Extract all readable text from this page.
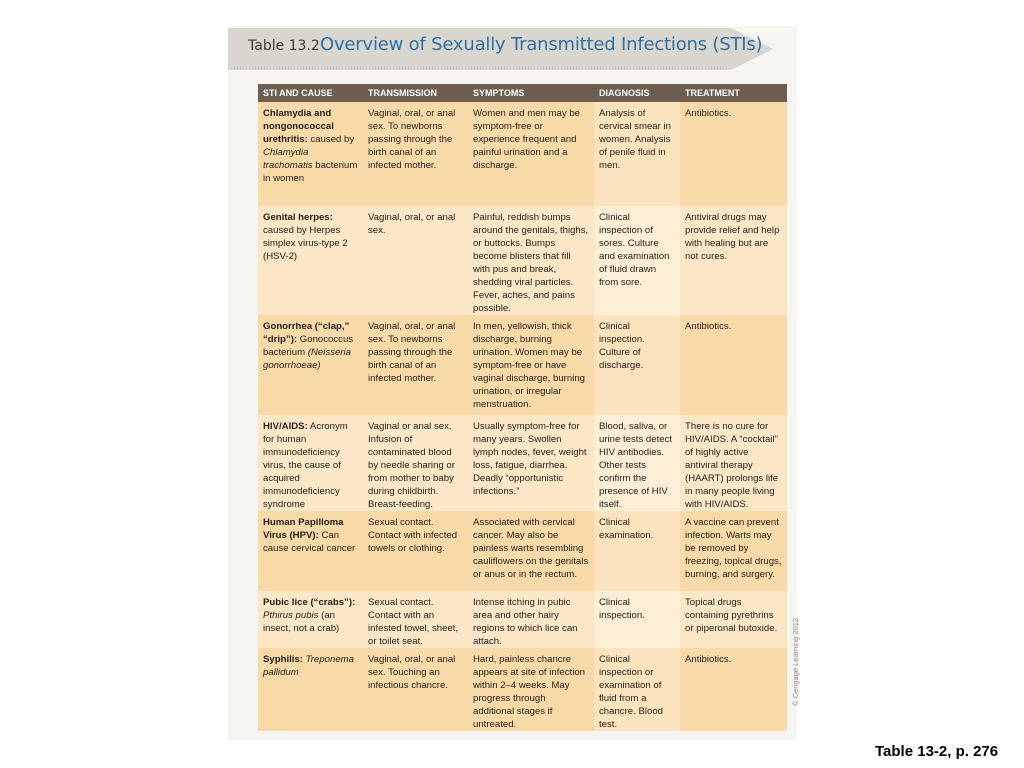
Table 13.2 Overview of Sexually Transmitted Infections (STIs)
STI AND CAUSE	TRANSMISSION	SYMPTOMS	DIAGNOSIS	TREATMENT
Chlamydia and nongonococcal urethritis: caused by Chlamydia trachomatis bacterium in women	Vaginal, oral, or anal sex. To newborns passing through the birth canal of an infected mother.	Women and men may be symptom-free or experience frequent and painful urination and a discharge.	Analysis of cervical smear in women. Analysis of penile fluid in men.	Antibiotics.
Genital herpes: caused by Herpes simplex virus-type 2 (HSV-2)	Vaginal, oral, or anal sex.	Painful, reddish bumps around the genitals, thighs, or buttocks. Bumps become blisters that fill with pus and break, shedding viral particles. Fever, aches, and pains possible.	Clinical inspection of sores. Culture and examination of fluid drawn from sore.	Antiviral drugs may provide relief and help with healing but are not cures.
Gonorrhea (“clap,” “drip”): Gonococcus bacterium (Neisseria gonorrhoeae)	Vaginal, oral, or anal sex. To newborns passing through the birth canal of an infected mother.	In men, yellowish, thick discharge, burning urination. Women may be symptom-free or have vaginal discharge, burning urination, or irregular menstruation.	Clinical inspection. Culture of discharge.	Antibiotics.
HIV/AIDS: Acronym for human immunodeficiency virus, the cause of acquired immunodeficiency syndrome	Vaginal or anal sex. Infusion of contaminated blood by needle sharing or from mother to baby during childbirth. Breast-feeding.	Usually symptom-free for many years. Swollen lymph nodes, fever, weight loss, fatigue, diarrhea. Deadly “opportunistic infections.”	Blood, saliva, or urine tests detect HIV antibodies. Other tests confirm the presence of HIV itself.	There is no cure for HIV/AIDS. A “cocktail” of highly active antiviral therapy (HAART) prolongs life in many people living with HIV/AIDS.
Human Papilloma Virus (HPV): Can cause cervical cancer	Sexual contact. Contact with infected towels or clothing.	Associated with cervical cancer. May also be painless warts resembling cauliflowers on the genitals or anus or in the rectum.	Clinical examination.	A vaccine can prevent infection. Warts may be removed by freezing, topical drugs, burning, and surgery.
Pubic lice (“crabs”): Pthirus pubis (an insect, not a crab)	Sexual contact. Contact with an infested towel, sheet, or toilet seat.	Intense itching in pubic area and other hairy regions to which lice can attach.	Clinical inspection.	Topical drugs containing pyrethrins or piperonal butoxide.
Syphilis: Treponema pallidum	Vaginal, oral, or anal sex. Touching an infectious chancre.	Hard, painless chancre appears at site of infection within 2–4 weeks. May progress through additional stages if untreated.	Clinical inspection or examination of fluid from a chancre. Blood test.	Antibiotics.	© Cengage Learning 2012
Table 13-2, p. 276
